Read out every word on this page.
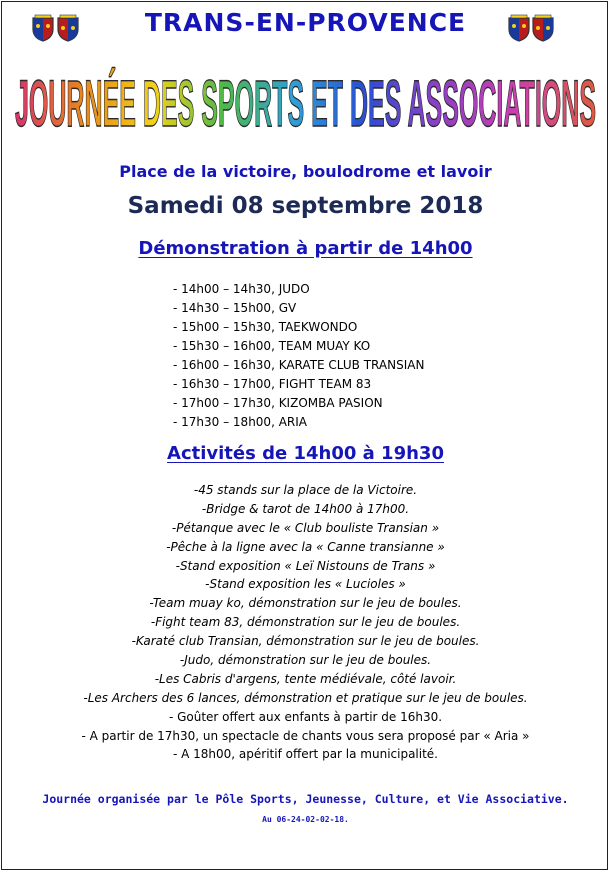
TRANS-EN-PROVENCE
JOURNÉE DES SPORTS ET DES ASSOCIATIONS
Place de la victoire, boulodrome et lavoir
Samedi 08 septembre 2018
Démonstration à partir de 14h00
- 14h00 – 14h30, JUDO
- 14h30 – 15h00, GV
- 15h00 – 15h30, TAEKWONDO
- 15h30 – 16h00, TEAM MUAY KO
- 16h00 – 16h30, KARATE CLUB TRANSIAN
- 16h30 – 17h00, FIGHT TEAM 83
- 17h00 – 17h30, KIZOMBA PASION
- 17h30 – 18h00, ARIA
Activités de 14h00 à 19h30
-45 stands sur la place de la Victoire.
-Bridge & tarot de 14h00 à 17h00.
-Pétanque avec le « Club bouliste Transian »
-Pêche à la ligne avec la « Canne transianne »
-Stand exposition « Leï Nistouns de Trans »
-Stand exposition les « Lucioles »
-Team muay ko, démonstration sur le jeu de boules.
-Fight team 83, démonstration sur le jeu de boules.
-Karaté club Transian, démonstration sur le jeu de boules.
-Judo, démonstration sur le jeu de boules.
-Les Cabris d'argens, tente médiévale, côté lavoir.
-Les Archers des 6 lances, démonstration et pratique sur le jeu de boules.
- Goûter offert aux enfants à partir de 16h30.
- A partir de 17h30, un spectacle de chants vous sera proposé par « Aria »
- A 18h00, apéritif offert par la municipalité.
Journée organisée par le Pôle Sports, Jeunesse, Culture, et Vie Associative.
Au 06-24-02-02-18.
